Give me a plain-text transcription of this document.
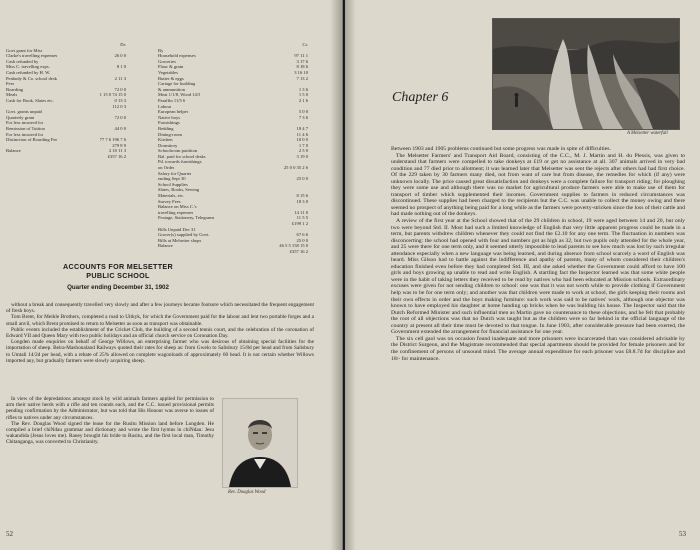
Dr.
Govt grant for Miss
Clarke's travelling expenses	26 0 0
Cash refunded by
Miss C. travelling exps.	8 1 0
Cash refunded by H. W.
Peabody & Co. school desk	2 11 3
Fees
Boarding	72 0 0
Meals	1 15 0 74 15 0
Cash for Book, Slates etc.	0 13 3
112 0 3
Govt. grants unpaid
Quarterly grant	72 0 0
For less incurred for
Remission of Tuition	44 0 0
For less incurred for
Distinction of Boarding Fee	77 7 6 196 7 6
279 8 9
Balance	2 10 11 3
£357 16 2
Cr.
By
Household expenses	97 11 1
Groceries	3 17 6
Flour & grain	8 18 6
Vegetables	3 16 10
Butter & eggs	7 13 2
Cartage for building
& ammunition	1 3 6
Meat 1/1/8, Wood 14/3	1 5 0
Paraffin 11/5 6	2 1 6
Labour
European helper	5 0 0
Native boys	7 3 6
Furnishings
Bedding	18 4 7
Dining-room	11 4 6
Kitchen	10 0 0
Dormitory	1 7 0
Schoolroom partition	2 5 0
Bal. paid for school desks	3 19 0
Pd. towards furnishings
on Order	25 0 0 35 2 6
Salary for Quarter
ending Sept 30	25 0 0
School Supplies
Slates, Books, Sewing
Materials, etc.	8 15 6
Survey Fees	18 3 0
Balance on Miss C.'s
travelling expenses	14 11 0
Postage, Stationery, Telegrams	11 5 5
£199 1 2
Bills Unpaid Dec 31
Grocer(s) supplied by Govt.	67 6 6
Bills at Melsetter shops	25 0 0
Balance	46 5 5 158 15 0
£357 16 2
ACCOUNTS FOR MELSETTER PUBLIC SCHOOL
Quarter ending December 31, 1902

without a break and consequently travelled very slowly and after a few journeys became footsore which necessitated the frequent engagement of fresh boys.

Tom Brent, for Meikle Brothers, completed a road to Uitkyk, for which the Government paid for the labour and lent two portable forges and a small anvil, which Brent promised to return to Melsetter as soon as transport was obtainable.

Public events included the establishment of the Cricket Club, the building of a second tennis court, and the celebration of the coronation of Edward VII and Queen Mary with two public holidays and an official church service on Coronation Day.

Longden made enquiries on behalf of George Willows, an enterprising farmer who was desirous of obtaining special facilities for the importation of sheep. Beira-Mashonaland Railways quoted their rates for sheep as: from Gwelo to Salisbury 15/8d per head and from Salisbury to Umtali 14/2d per head, with a rebate of 25% allowed on complete wagonloads of approximately 60 head. It is not certain whether Willows imported any, but gradually farmers were slowly acquiring sheep.

In view of the depredations amongst stock by wild animals farmers applied for permission to arm their native herds with a rifle and ten rounds each, and the C.C. issued provisional permits pending confirmation by the Administrator, but was told that His Honour was averse to issues of rifles to natives under any circumstances.

The Rev. Douglas Wood signed the lease for the Rusitu Mission land before Longden. He compiled a brief chiNdau grammar and dictionary and wrote the first hymns in chiNdau: Jesu wakandida (Jesus loves me). Raney brought his bride to Rusitu, and the first local man, Timothy Chitanganga, was converted to Christianity.

Rev. Douglas Wood
52
A Melsetter waterfall
Chapter 6

Between 1903 and 1905 problems continued but some progress was made in spite of difficulties.

The Melsetter Farmers' and Transport Aid Board, consisting of the C.C., M. J. Martin and H. du Plessis, was given to understand that farmers were compelled to take donkeys at £19 or get no assistance at all. 307 animals arrived in very bad condition and 77 died prior to allotment; it was learned later that Melsetter was sent the rejects after others had had first choice. Of the 229 taken by 30 farmers many died, not from want of care but from disease, the remedies for which (if any) were unknown locally. The price caused great dissatisfaction and donkeys were a complete failure for transport riding; for ploughing they were some use and although there was no market for agricultural produce farmers were able to make use of them for transport of timber which supplemented their incomes. Government supplies to farmers in reduced circumstances was discontinued. These supplies had been charged to the recipients but the C.C. was unable to collect the money owing and there seemed no prospect of anything being paid for a long while as the farmers were poverty-stricken since the loss of their cattle and had made nothing out of the donkeys.

A review of the first year at the School showed that of the 29 children in school, 19 were aged between 14 and 20, but only two were beyond Std. II. Most had such a limited knowledge of English that very little apparent progress could be made in a term, but parents withdrew children whenever they could not find the £2.10 for any one term. The fluctuation in numbers was disconcerting: the school had opened with four and numbers got as high as 32, but two pupils only attended for the whole year, and 25 were there for one term only, and it seemed utterly impossible to lead parents to see how much was lost by such irregular attendance especially when a new language was being learned, and during absence from school scarcely a word of English was heard. Miss Gilson had to battle against the indifference and apathy of parents, many of whom considered their children's education finished even before they had completed Std. III, and she asked whether the Government could afford to have 100 girls and boys growing up unable to read and write English. A startling fact the Inspector learned was that some white people were in the habit of taking letters they received to be read by natives who had been educated at Mission schools. Extraordinary excuses were given for not sending children to school: one was that it was not worth while to provide clothing if Government help was to be for one term only; and another was that children were made to work at school, the girls keeping their rooms and their own effects in order and the boys making furniture: such work was said to be natives' work, although one objector was known to have employed his daughter at home handing up bricks when he was building his house. The Inspector said that the Dutch Reformed Minister and such influential men as Martin gave no countenance to these objections, and he felt that probably the root of all objections was that no Dutch was taught but as the children were so far behind in the official language of the country at present all their time must be devoted to that tongue. In June 1903, after considerable pressure had been exerted, the Government extended the arrangement for financial assistance for one year.

The six cell gaol was on occasion found inadequate and more prisoners were incarcerated than was considered advisable by the District Surgeon, and the Magistrate recommended that special apartments should be provided for female prisoners and for the confinement of persons of unsound mind. The average annual expenditure for each prisoner was £8.8.7d for discipline and 18/- for maintenance.

53
